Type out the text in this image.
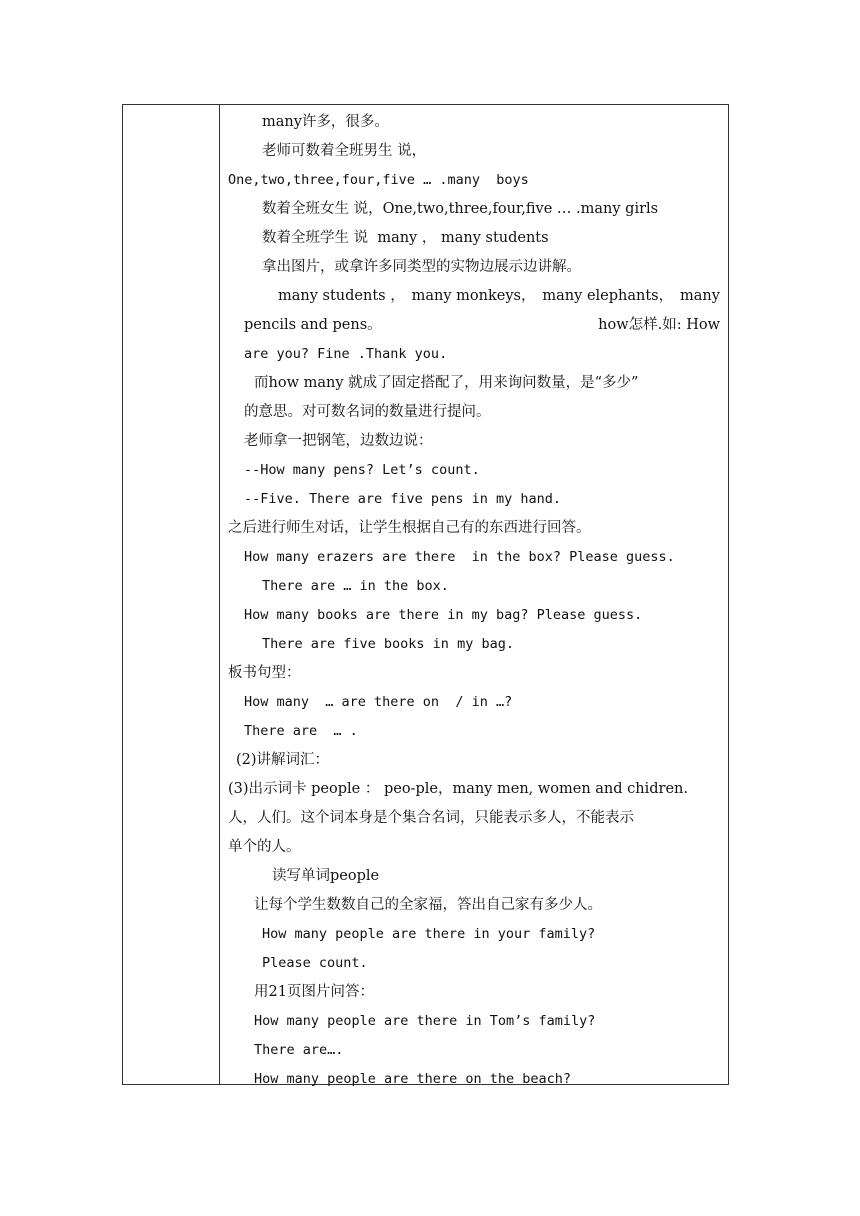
many许多，很多。
老师可数着全班男生 说，
One,two,three,four,five … .many  boys
数着全班女生 说，One,two,three,four,five … .many girls
数着全班学生 说  many ， many students
拿出图片，或拿许多同类型的实物边展示边讲解。
many students ， many monkeys， many elephants， many
pencils and pens。	how怎样.如: How
are you? Fine .Thank you.
而how many 就成了固定搭配了，用来询问数量，是“多少”
的意思。对可数名词的数量进行提问。
老师拿一把钢笔，边数边说：
--How many pens? Let’s count.
--Five. There are five pens in my hand.
之后进行师生对话，让学生根据自己有的东西进行回答。
How many erazers are there  in the box? Please guess.
There are … in the box.
How many books are there in my bag? Please guess.
There are five books in my bag.
板书句型：
How many  … are there on  / in …?
There are  … .
(2)讲解词汇：
(3)出示词卡 people ： peo-ple，many men, women and chidren.
人，人们。这个词本身是个集合名词，只能表示多人，不能表示
单个的人。
读写单词people
让每个学生数数自己的全家福，答出自己家有多少人。
How many people are there in your family?
Please count.
用21页图片问答：
How many people are there in Tom’s family?
There are….
How many people are there on the beach?
